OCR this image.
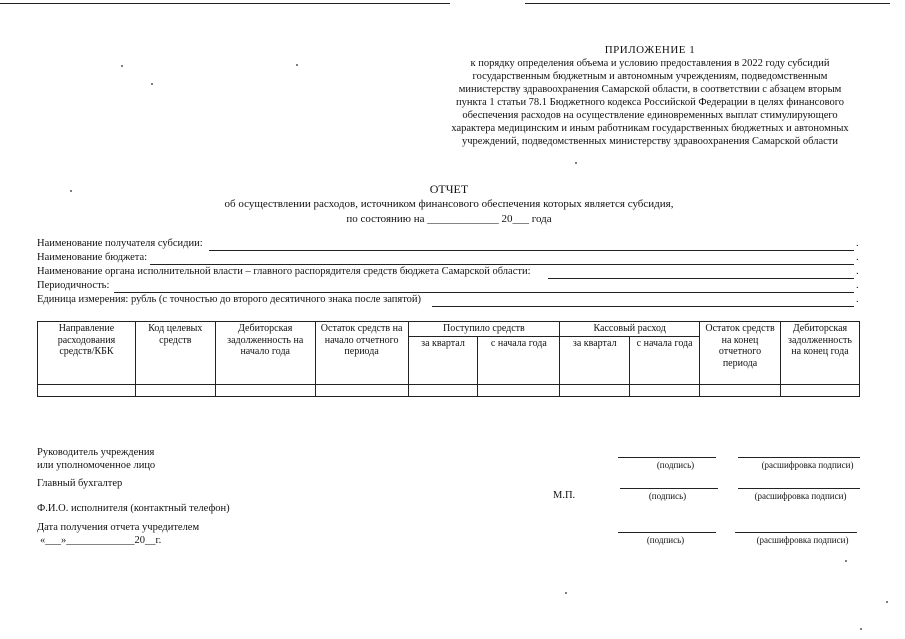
ПРИЛОЖЕНИЕ 1
к порядку определения объема и условию предоставления в 2022 году субсидий
государственным бюджетным и автономным учреждениям, подведомственным
министерству здравоохранения Самарской области, в соответствии с абзацем вторым
пункта 1 статьи 78.1 Бюджетного кодекса Российской Федерации в целях финансового
обеспечения расходов на осуществление единовременных выплат стимулирующего
характера медицинским и иным работникам государственных бюджетных и автономных
учреждений, подведомственных министерству здравоохранения Самарской области
ОТЧЕТ
об осуществлении расходов, источником финансового обеспечения которых является субсидия,
по состоянию на _____________ 20___ года
Наименование получателя субсидии:	.
Наименование бюджета:	.
Наименование органа исполнительной власти – главного распорядителя средств бюджета Самарской области:	.
Периодичность:	.
Единица измерения: рубль (с точностью до второго десятичного знака после запятой)	.
Направление расходования средств/КБК	Код целевых средств	Дебиторская задолженность на начало года	Остаток средств на начало отчетного периода	Поступило средств		Кассовый расход		Остаток средств на конец отчетного периода	Дебиторская задолженность на конец года
				за квартал	с начала года	за квартал	с начала года		

Руководитель учреждения
или уполномоченное лицо
Главный бухгалтер
Ф.И.О. исполнителя (контактный телефон)
Дата получения отчета учредителем
«___»_____________20__г.
М.П.
(подпись)	(расшифровка подписи)
(подпись)	(расшифровка подписи)
(подпись)	(расшифровка подписи)
